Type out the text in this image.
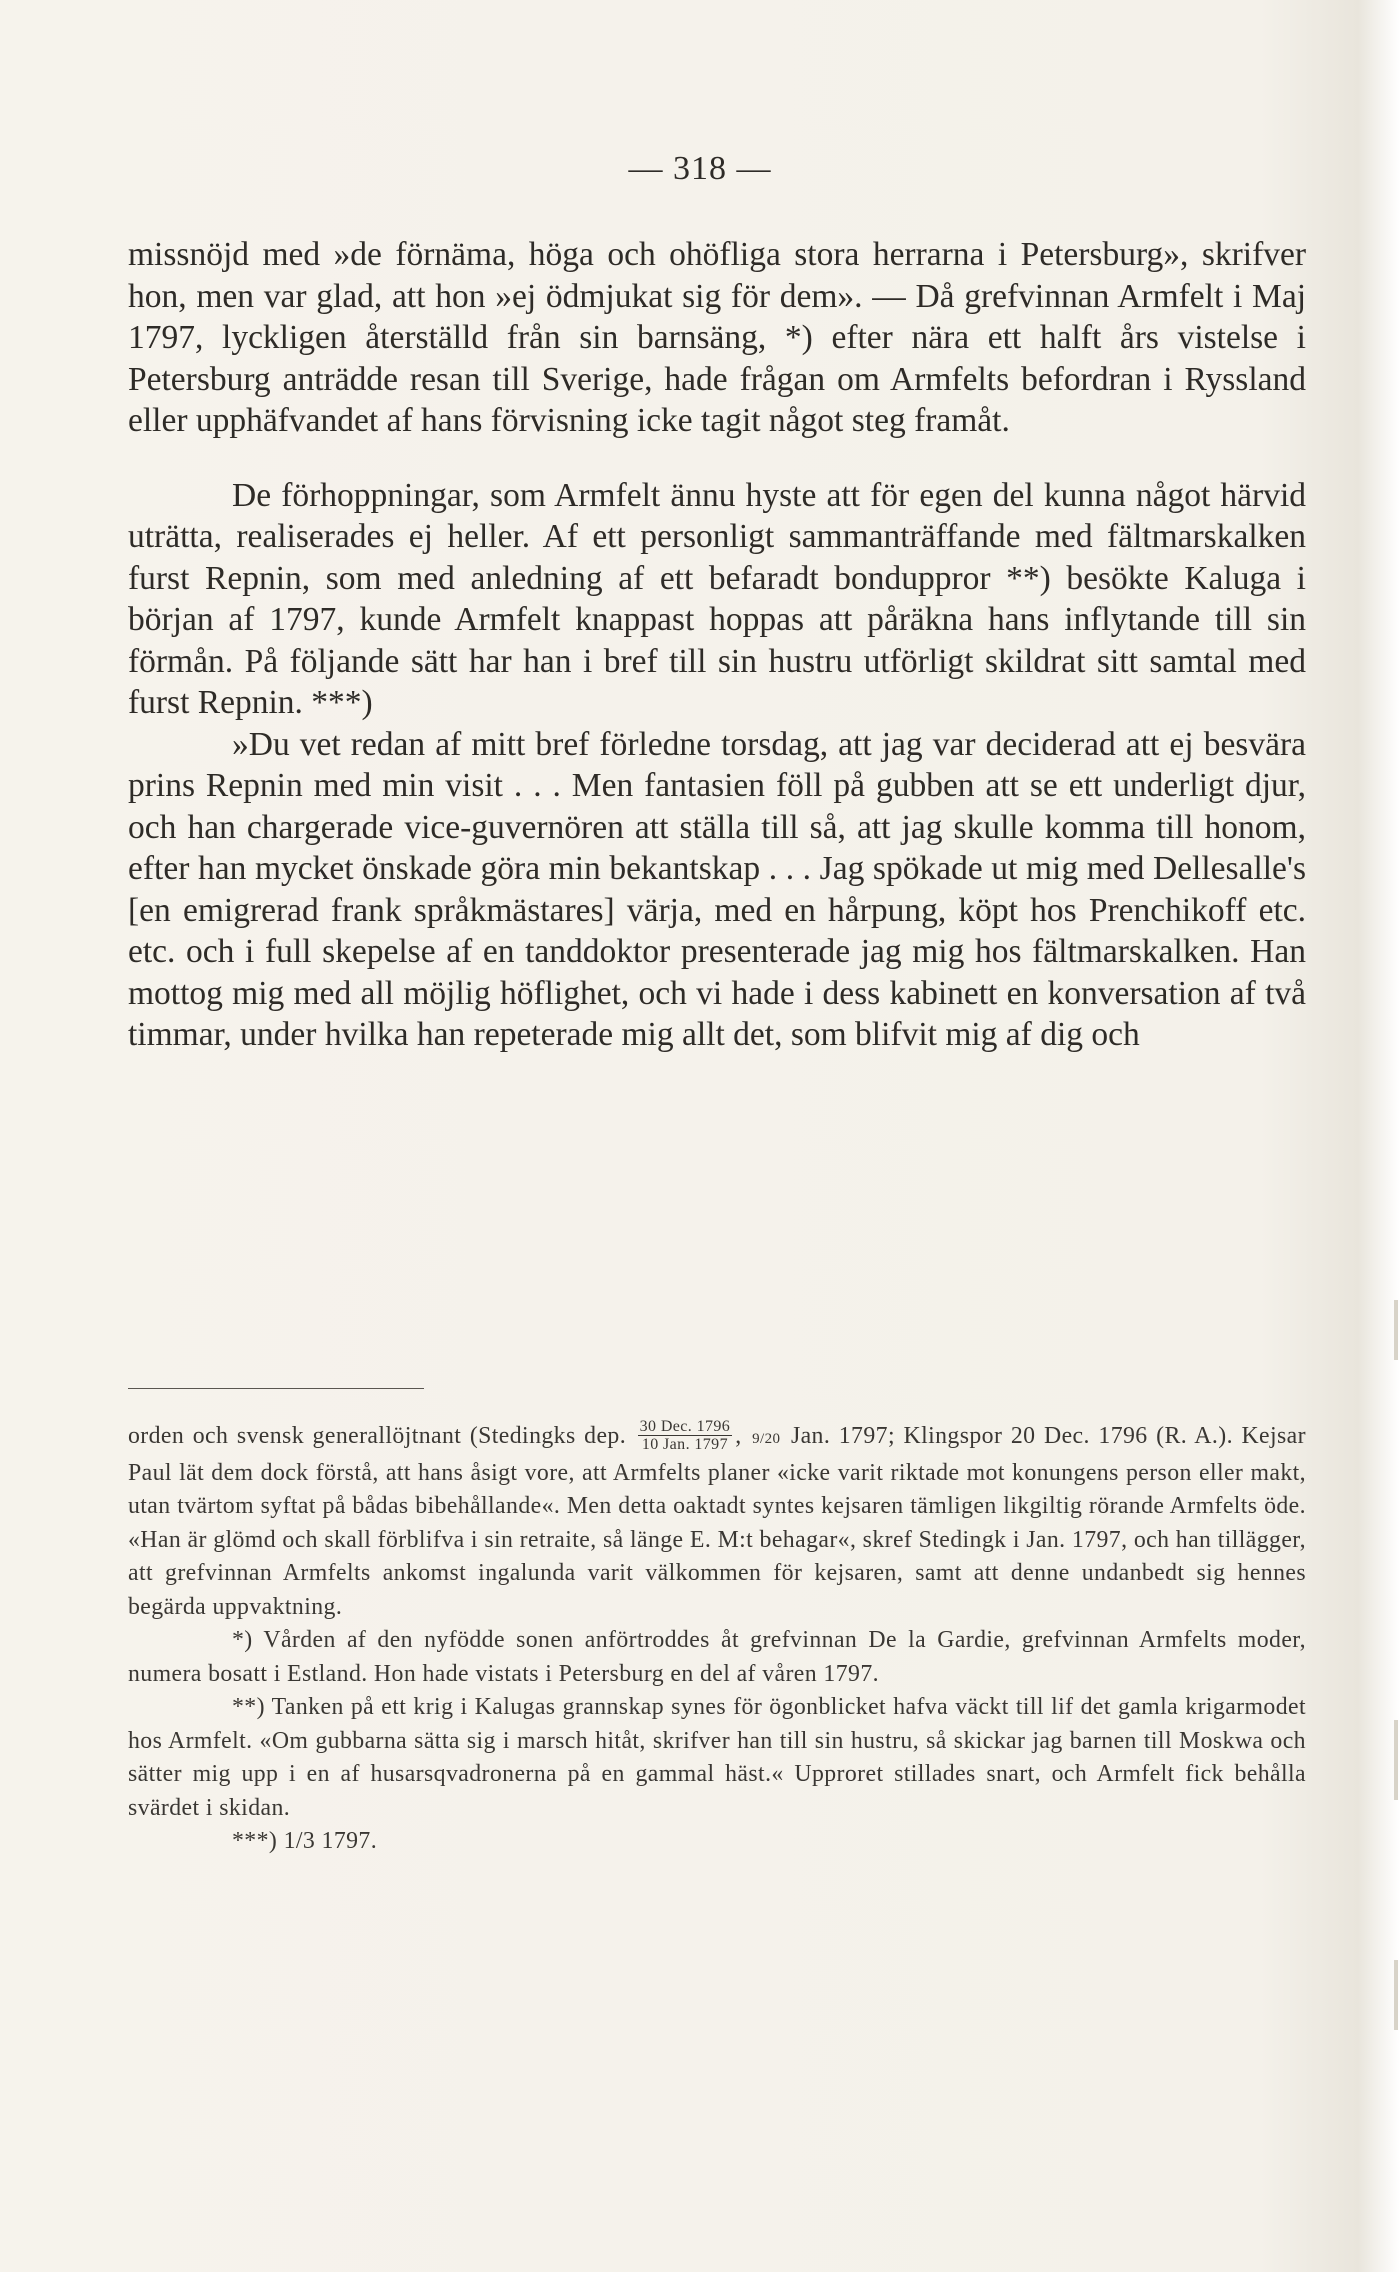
— 318 —

missnöjd med »de förnäma, höga och ohöfliga stora herrarna i Petersburg», skrifver hon, men var glad, att hon »ej ödmjukat sig för dem». — Då grefvinnan Armfelt i Maj 1797, lyckligen återställd från sin barnsäng, *) efter nära ett halft års vistelse i Petersburg anträdde resan till Sverige, hade frågan om Armfelts befordran i Ryssland eller upphäfvandet af hans förvisning icke tagit något steg framåt.

De förhoppningar, som Armfelt ännu hyste att för egen del kunna något härvid uträtta, realiserades ej heller. Af ett personligt sammanträffande med fältmarskalken furst Repnin, som med anledning af ett befaradt bonduppror **) besökte Kaluga i början af 1797, kunde Armfelt knappast hoppas att påräkna hans inflytande till sin förmån. På följande sätt har han i bref till sin hustru utförligt skildrat sitt samtal med furst Repnin. ***)

»Du vet redan af mitt bref förledne torsdag, att jag var deciderad att ej besvära prins Repnin med min visit . . . Men fantasien föll på gubben att se ett underligt djur, och han chargerade vice-guvernören att ställa till så, att jag skulle komma till honom, efter han mycket önskade göra min bekantskap . . . Jag spökade ut mig med Dellesalle's [en emigrerad frank språkmästares] värja, med en hårpung, köpt hos Prenchikoff etc. etc. och i full skepelse af en tanddoktor presenterade jag mig hos fältmarskalken. Han mottog mig med all möjlig höflighet, och vi hade i dess kabinett en konversation af två timmar, under hvilka han repeterade mig allt det, som blifvit mig af dig och

orden och svensk generallöjtnant (Stedingks dep. $\frac{\text{30 Dec. 1796}}{\text{10 Jan. 1797}}$ , 9/20 Jan. 1797; Klingspor 20 Dec. 1796 (R. A.). Kejsar Paul lät dem dock förstå, att hans åsigt vore, att Armfelts planer «icke varit riktade mot konungens person eller makt, utan tvärtom syftat på bådas bibehållande«. Men detta oaktadt syntes kejsaren tämligen likgiltig rörande Armfelts öde. «Han är glömd och skall förblifva i sin retraite, så länge E. M:t behagar«, skref Stedingk i Jan. 1797, och han tillägger, att grefvinnan Armfelts ankomst ingalunda varit välkommen för kejsaren, samt att denne undanbedt sig hennes begärda uppvaktning.

*) Vården af den nyfödde sonen anförtroddes åt grefvinnan De la Gardie, grefvinnan Armfelts moder, numera bosatt i Estland. Hon hade vistats i Petersburg en del af våren 1797.

**) Tanken på ett krig i Kalugas grannskap synes för ögonblicket hafva väckt till lif det gamla krigarmodet hos Armfelt. «Om gubbarna sätta sig i marsch hitåt, skrifver han till sin hustru, så skickar jag barnen till Moskwa och sätter mig upp i en af husarsqvadronerna på en gammal häst.« Upproret stillades snart, och Armfelt fick behålla svärdet i skidan.

***) 1/3 1797.
